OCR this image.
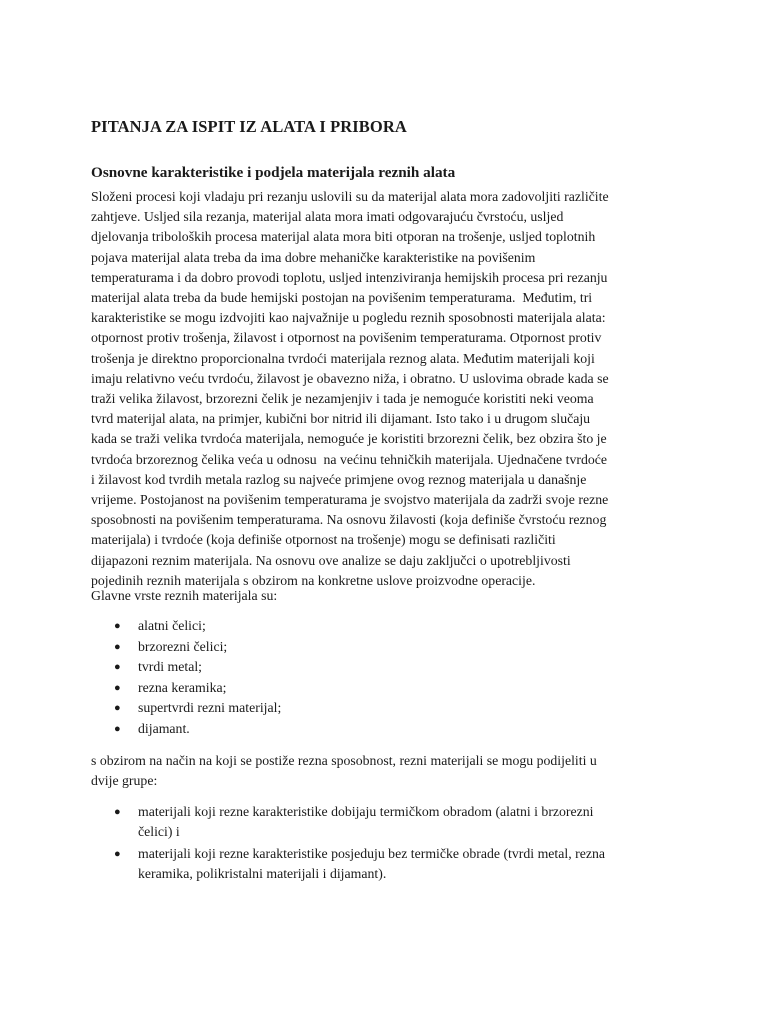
PITANJA ZA ISPIT IZ ALATA I PRIBORA
Osnovne karakteristike i podjela materijala reznih alata

Složeni procesi koji vladaju pri rezanju uslovili su da materijal alata mora zadovoljiti različite
zahtjeve. Usljed sila rezanja, materijal alata mora imati odgovarajuću čvrstoću, usljed
djelovanja triboloških procesa materijal alata mora biti otporan na trošenje, usljed toplotnih
pojava materijal alata treba da ima dobre mehaničke karakteristike na povišenim
temperaturama i da dobro provodi toplotu, usljed intenziviranja hemijskih procesa pri rezanju
materijal alata treba da bude hemijski postojan na povišenim temperaturama.  Međutim, tri
karakteristike se mogu izdvojiti kao najvažnije u pogledu reznih sposobnosti materijala alata:
otpornost protiv trošenja, žilavost i otpornost na povišenim temperaturama. Otpornost protiv
trošenja je direktno proporcionalna tvrdoći materijala reznog alata. Međutim materijali koji
imaju relativno veću tvrdoću, žilavost je obavezno niža, i obratno. U uslovima obrade kada se
traži velika žilavost, brzorezni čelik je nezamjenjiv i tada je nemoguće koristiti neki veoma
tvrd materijal alata, na primjer, kubični bor nitrid ili dijamant. Isto tako i u drugom slučaju
kada se traži velika tvrdoća materijala, nemoguće je koristiti brzorezni čelik, bez obzira što je
tvrdoća brzoreznog čelika veća u odnosu  na većinu tehničkih materijala. Ujednačene tvrdoće
i žilavost kod tvrdih metala razlog su najveće primjene ovog reznog materijala u današnje
vrijeme. Postojanost na povišenim temperaturama je svojstvo materijala da zadrži svoje rezne
sposobnosti na povišenim temperaturama. Na osnovu žilavosti (koja definiše čvrstoću reznog
materijala) i tvrdoće (koja definiše otpornost na trošenje) mogu se definisati različiti
dijapazoni reznim materijala. Na osnovu ove analize se daju zaključci o upotrebljivosti
pojedinih reznih materijala s obzirom na konkretne uslove proizvodne operacije.

Glavne vrste reznih materijala su:

● alatni čelici;
● brzorezni čelici;
● tvrdi metal;
● rezna keramika;
● supertvrdi rezni materijal;
● dijamant.

s obzirom na način na koji se postiže rezna sposobnost, rezni materijali se mogu podijeliti u
dvije grupe:

● materijali koji rezne karakteristike dobijaju termičkom obradom (alatni i brzorezni
čelici) i
● materijali koji rezne karakteristike posjeduju bez termičke obrade (tvrdi metal, rezna
keramika, polikristalni materijali i dijamant).
